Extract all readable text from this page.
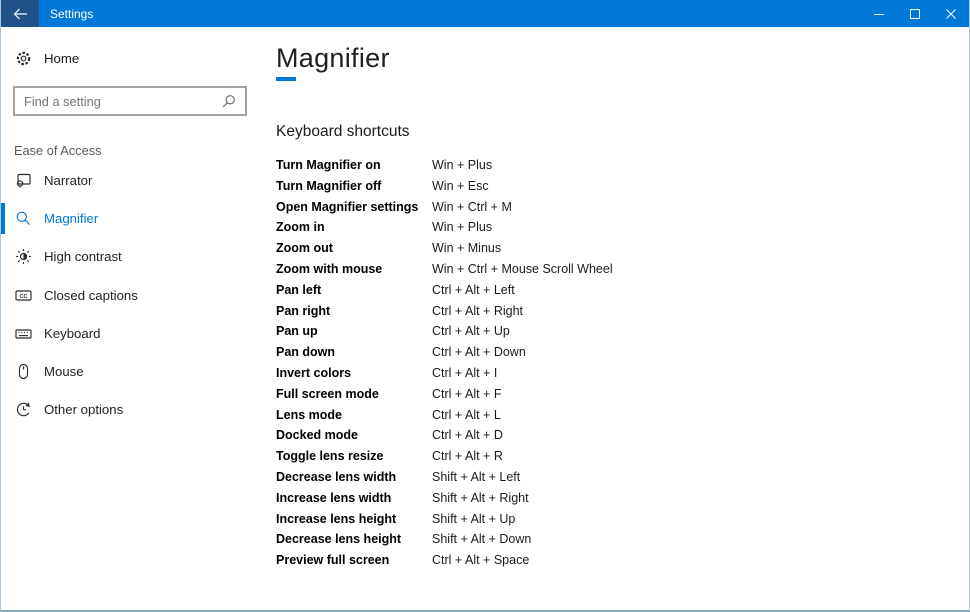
Settings
Home
Find a setting
Ease of Access
Narrator
Magnifier
High contrast
CC Closed captions
Keyboard
Mouse
Other options
Magnifier
Keyboard shortcuts
Turn Magnifier on	Win + Plus
Turn Magnifier off	Win + Esc
Open Magnifier settings	Win + Ctrl + M
Zoom in	Win + Plus
Zoom out	Win + Minus
Zoom with mouse	Win + Ctrl + Mouse Scroll Wheel
Pan left	Ctrl + Alt + Left
Pan right	Ctrl + Alt + Right
Pan up	Ctrl + Alt + Up
Pan down	Ctrl + Alt + Down
Invert colors	Ctrl + Alt + I
Full screen mode	Ctrl + Alt + F
Lens mode	Ctrl + Alt + L
Docked mode	Ctrl + Alt + D
Toggle lens resize	Ctrl + Alt + R
Decrease lens width	Shift + Alt + Left
Increase lens width	Shift + Alt + Right
Increase lens height	Shift + Alt + Up
Decrease lens height	Shift + Alt + Down
Preview full screen	Ctrl + Alt + Space
